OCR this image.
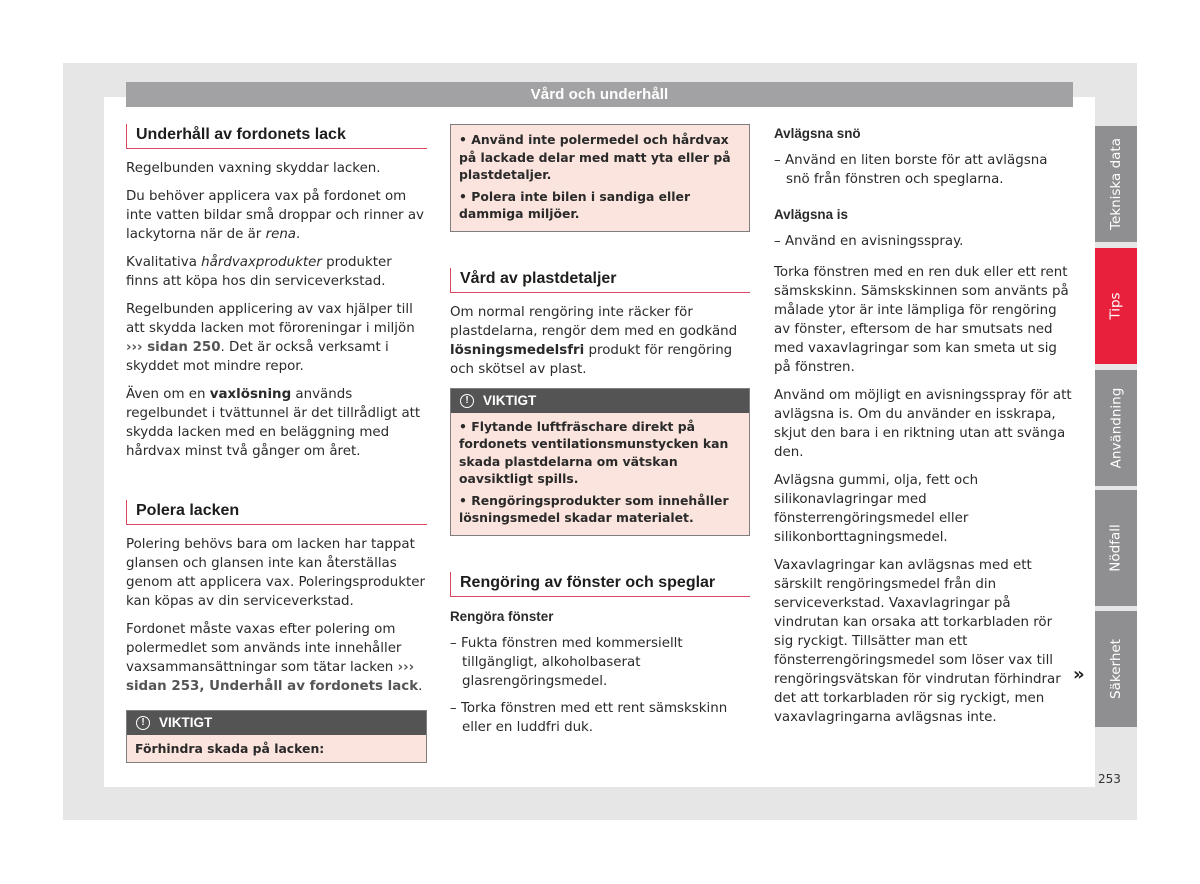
Vård och underhåll
Underhåll av fordonets lack

Regelbunden vaxning skyddar lacken.

Du behöver applicera vax på fordonet om inte vatten bildar små droppar och rinner av lackytorna när de är rena.

Kvalitativa hårdvaxprodukter produkter finns att köpa hos din serviceverkstad.

Regelbunden applicering av vax hjälper till att skydda lacken mot föroreningar i miljön ››› sidan 250. Det är också verksamt i skyddet mot mindre repor.

Även om en vaxlösning används regelbundet i tvättunnel är det tillrådligt att skydda lacken med en beläggning med hårdvax minst två gånger om året.

Polera lacken

Polering behövs bara om lacken har tappat glansen och glansen inte kan återställas genom att applicera vax. Poleringsprodukter kan köpas av din serviceverkstad.

Fordonet måste vaxas efter polering om polermedlet som används inte innehåller vaxsammansättningar som tätar lacken ››› sidan 253, Underhåll av fordonets lack.

!	VIKTIGT
Förhindra skada på lacken:
• Använd inte polermedel och hårdvax på lackade delar med matt yta eller på plastdetaljer.
• Polera inte bilen i sandiga eller dammiga miljöer.
Vård av plastdetaljer

Om normal rengöring inte räcker för plastdelarna, rengör dem med en godkänd lösningsmedelsfri produkt för rengöring och skötsel av plast.

!	VIKTIGT
• Flytande luftfräschare direkt på fordonets ventilationsmunstycken kan skada plastdelarna om vätskan oavsiktligt spills.
• Rengöringsprodukter som innehåller lösningsmedel skadar materialet.
Rengöring av fönster och speglar
Rengöra fönster
– Fukta fönstren med kommersiellt tillgängligt, alkoholbaserat glasrengöringsmedel.
– Torka fönstren med ett rent sämskskinn eller en luddfri duk.
Avlägsna snö
– Använd en liten borste för att avlägsna snö från fönstren och speglarna.
Avlägsna is
– Använd en avisningsspray.

Torka fönstren med en ren duk eller ett rent sämskskinn. Sämskskinnen som använts på målade ytor är inte lämpliga för rengöring av fönster, eftersom de har smutsats ned med vaxavlagringar som kan smeta ut sig på fönstren.

Använd om möjligt en avisningsspray för att avlägsna is. Om du använder en isskrapa, skjut den bara i en riktning utan att svänga den.

Avlägsna gummi, olja, fett och silikonavlagringar med fönsterrengöringsmedel eller silikonborttagningsmedel.

Vaxavlagringar kan avlägsnas med ett särskilt rengöringsmedel från din serviceverkstad. Vaxavlagringar på vindrutan kan orsaka att torkarbladen rör sig ryckigt. Tillsätter man ett fönsterrengöringsmedel som löser vax till rengöringsvätskan för vindrutan förhindrar det att torkarbladen rör sig ryckigt, men vaxavlagringarna avlägsnas inte.

»
Tekniska data
Tips
Användning
Nödfall
Säkerhet
253
